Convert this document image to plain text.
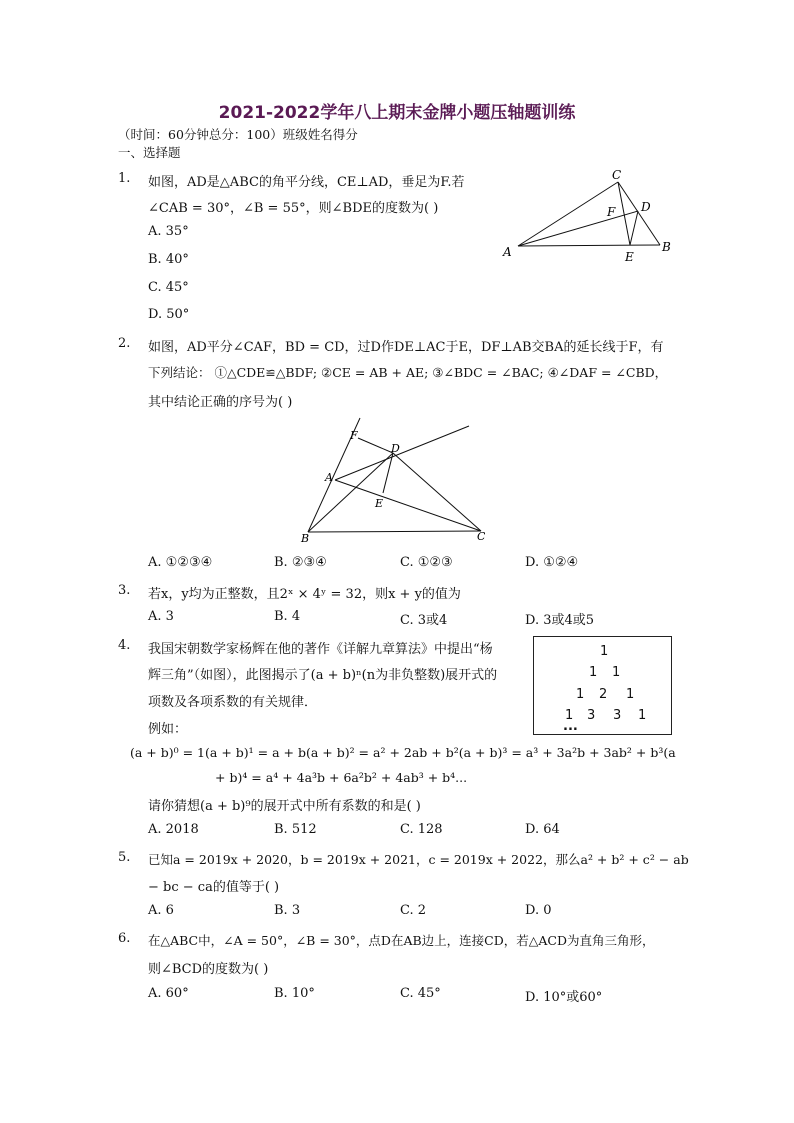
2021-2022学年八上期末金牌小题压轴题训练
（时间：60分钟总分：100）班级姓名得分
一、选择题
1. 如图，AD是△ABC的角平分线，CE⊥AD，垂足为F.若
∠CAB = 30°，∠B = 55°，则∠BDE的度数为( )
A. 35°
B. 40°
C. 45°
D. 50°
C
D
F
A	E
B
2. 如图，AD平分∠CAF，BD = CD，过D作DE⊥AC于E，DF⊥AB交BA的延长线于F，有
下列结论： ①△CDE≌△BDF; ②CE = AB + AE; ③∠BDC = ∠BAC; ④∠DAF = ∠CBD，
其中结论正确的序号为( )
F
D
A
E
B	C
A. ①②③④	B. ②③④	C. ①②③	D. ①②④
3. 若x，y均为正整数，且2ˣ × 4ʸ = 32，则x + y的值为
A. 3	B. 4	C. 3或4	D. 3或4或5
4. 我国宋朝数学家杨辉在他的著作《详解九章算法》中提出“杨
辉三角”（如图），此图揭示了(a + b)ⁿ(n为非负整数)展开式的
项数及各项系数的有关规律．
例如：
(a + b)⁰ = 1(a + b)¹ = a + b(a + b)² = a² + 2ab + b²(a + b)³ = a³ + 3a²b + 3ab² + b³(a
+ b)⁴ = a⁴ + 4a³b + 6a²b² + 4ab³ + b⁴...
请你猜想(a + b)⁹的展开式中所有系数的和是( )
A. 2018	B. 512	C. 128	D. 64
1
1 1
1 2 1
1 3 3 1
...
5. 已知a = 2019x + 2020，b = 2019x + 2021，c = 2019x + 2022，那么a² + b² + c² − ab
− bc − ca的值等于( )
A. 6	B. 3	C. 2	D. 0
6. 在△ABC中，∠A = 50°，∠B = 30°，点D在AB边上，连接CD，若△ACD为直角三角形，
则∠BCD的度数为( )
A. 60°	B. 10°	C. 45°	D. 10°或60°
